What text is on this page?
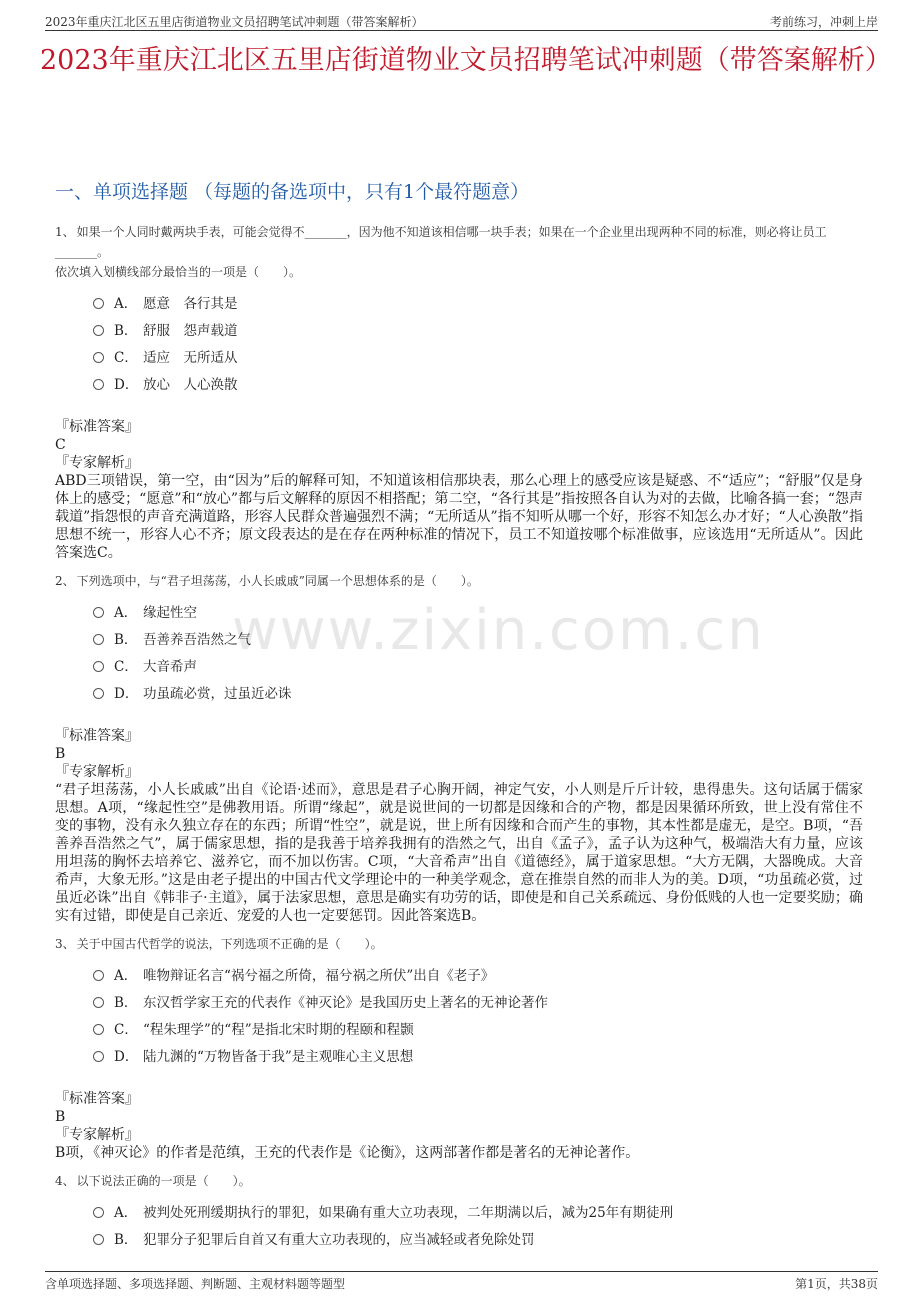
2023年重庆江北区五里店街道物业文员招聘笔试冲刺题（带答案解析）	考前练习，冲刺上岸
2023年重庆江北区五里店街道物业文员招聘笔试冲刺题（带答案解析）
一、单项选择题 （每题的备选项中，只有1个最符题意）
www.zixin.com.cn
1、 如果一个人同时戴两块手表，可能会觉得不_______，因为他不知道该相信哪一块手表；如果在一个企业里出现两种不同的标准，则必将让员工_______。
依次填入划横线部分最恰当的一项是（　　）。
A． 愿意　各行其是
B． 舒服　怨声载道
C． 适应　无所适从
D． 放心　人心涣散
『标准答案』
C
『专家解析』
ABD三项错误，第一空，由“因为”后的解释可知，不知道该相信那块表，那么心理上的感受应该是疑惑、不“适应”；“舒服”仅是身体上的感受；“愿意”和“放心”都与后文解释的原因不相搭配；第二空，“各行其是”指按照各自认为对的去做，比喻各搞一套；“怨声载道”指怨恨的声音充满道路，形容人民群众普遍强烈不满；“无所适从”指不知听从哪一个好，形容不知怎么办才好；“人心涣散”指思想不统一，形容人心不齐；原文段表达的是在存在两种标准的情况下，员工不知道按哪个标准做事，应该选用“无所适从”。因此答案选C。
2、 下列选项中，与“君子坦荡荡，小人长戚戚”同属一个思想体系的是（　　）。
A． 缘起性空
B． 吾善养吾浩然之气
C． 大音希声
D． 功虽疏必赏，过虽近必诛
『标准答案』
B
『专家解析』
“君子坦荡荡，小人长戚戚”出自《论语·述而》，意思是君子心胸开阔，神定气安，小人则是斤斤计较，患得患失。这句话属于儒家思想。A项，“缘起性空”是佛教用语。所谓“缘起”，就是说世间的一切都是因缘和合的产物，都是因果循环所致，世上没有常住不变的事物，没有永久独立存在的东西；所谓“性空”，就是说，世上所有因缘和合而产生的事物，其本性都是虚无，是空。B项，“吾善养吾浩然之气”，属于儒家思想，指的是我善于培养我拥有的浩然之气，出自《孟子》，孟子认为这种气，极端浩大有力量，应该用坦荡的胸怀去培养它、滋养它，而不加以伤害。C项，“大音希声”出自《道德经》，属于道家思想。“大方无隅，大器晚成。大音希声，大象无形。”这是由老子提出的中国古代文学理论中的一种美学观念，意在推崇自然的而非人为的美。D项，“功虽疏必赏，过虽近必诛”出自《韩非子·主道》，属于法家思想，意思是确实有功劳的话，即使是和自己关系疏远、身份低贱的人也一定要奖励；确实有过错，即使是自己亲近、宠爱的人也一定要惩罚。因此答案选B。
3、 关于中国古代哲学的说法，下列选项不正确的是（　　）。
A． 唯物辩证名言“祸兮福之所倚，福兮祸之所伏”出自《老子》
B． 东汉哲学家王充的代表作《神灭论》是我国历史上著名的无神论著作
C． “程朱理学”的“程”是指北宋时期的程颐和程颢
D． 陆九渊的“万物皆备于我”是主观唯心主义思想
『标准答案』
B
『专家解析』
B项，《神灭论》的作者是范缜，王充的代表作是《论衡》，这两部著作都是著名的无神论著作。
4、 以下说法正确的一项是（　　）。
A． 被判处死刑缓期执行的罪犯，如果确有重大立功表现，二年期满以后，减为25年有期徒刑
B． 犯罪分子犯罪后自首又有重大立功表现的，应当减轻或者免除处罚
含单项选择题、多项选择题、判断题、主观材料题等题型	第1页，共38页
